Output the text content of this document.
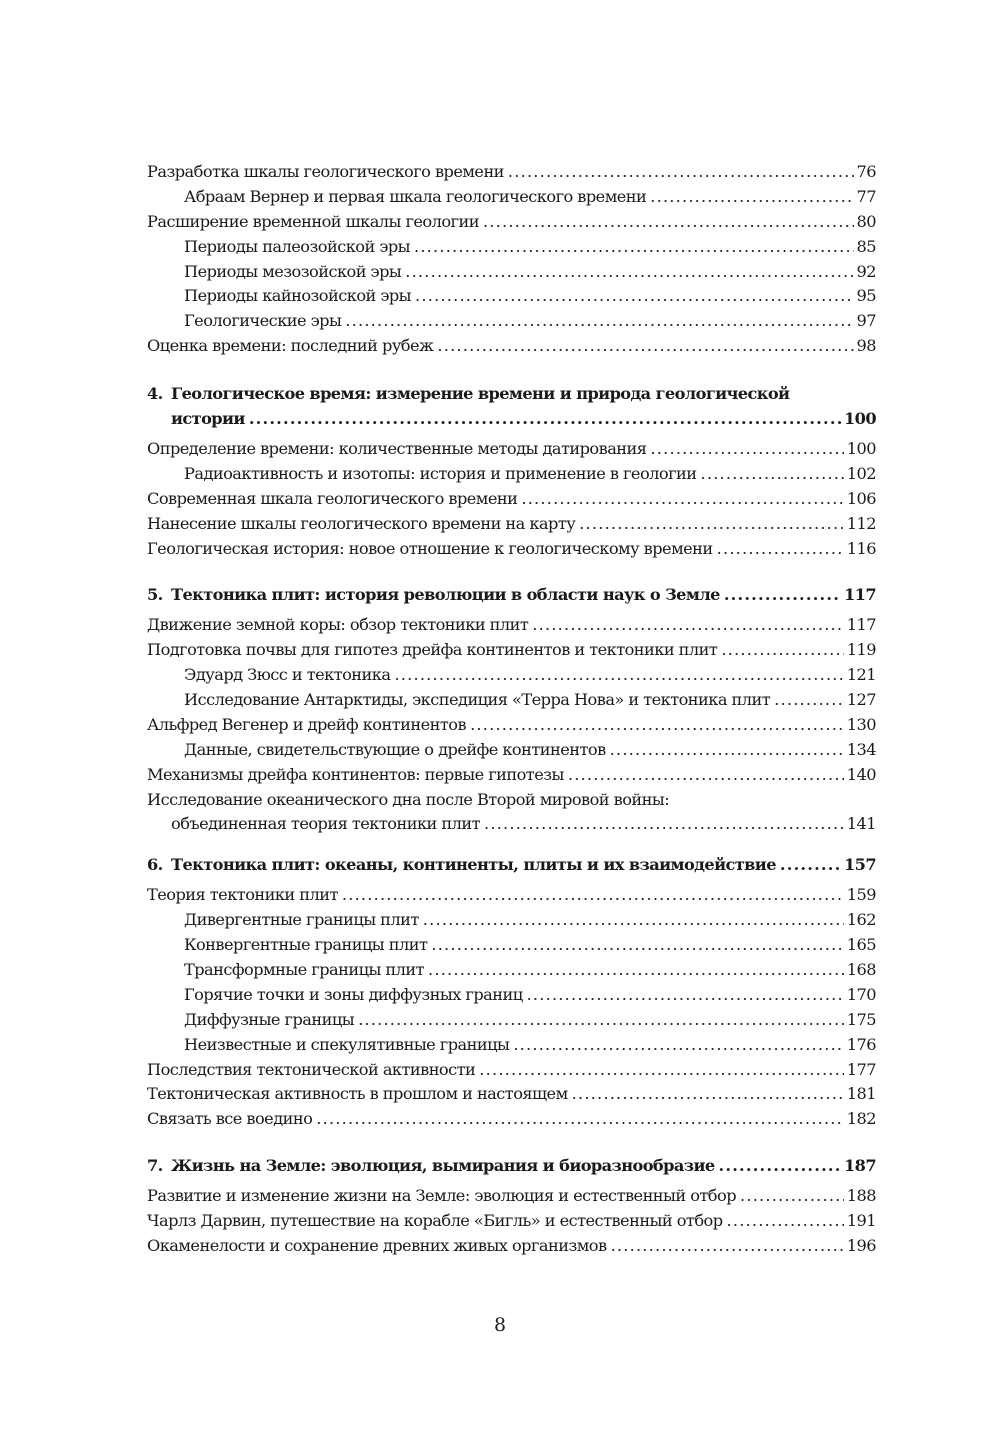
Разработка шкалы геологического времени .....	76
Абраам Вернер и первая шкала геологического времени .....	77
Расширение временной шкалы геологии .....	80
Периоды палеозойской эры .....	85
Периоды мезозойской эры .....	92
Периоды кайнозойской эры .....	95
Геологические эры .....	97
Оценка времени: последний рубеж .....	98
4. Геологическое время: измерение времени и природа геологической
истории .....	100
Определение времени: количественные методы датирования .....	100
Радиоактивность и изотопы: история и применение в геологии .....	102
Современная шкала геологического времени .....	106
Нанесение шкалы геологического времени на карту .....	112
Геологическая история: новое отношение к геологическому времени .....	116
5. Тектоника плит: история революции в области наук о Земле .....	117
Движение земной коры: обзор тектоники плит .....	117
Подготовка почвы для гипотез дрейфа континентов и тектоники плит .....	119
Эдуард Зюсс и тектоника .....	121
Исследование Антарктиды, экспедиция «Терра Нова» и тектоника плит .....	127
Альфред Вегенер и дрейф континентов .....	130
Данные, свидетельствующие о дрейфе континентов .....	134
Механизмы дрейфа континентов: первые гипотезы .....	140
Исследование океанического дна после Второй мировой войны:
объединенная теория тектоники плит .....	141
6. Тектоника плит: океаны, континенты, плиты и их взаимодействие .....	157
Теория тектоники плит .....	159
Дивергентные границы плит .....	162
Конвергентные границы плит .....	165
Трансформные границы плит .....	168
Горячие точки и зоны диффузных границ .....	170
Диффузные границы .....	175
Неизвестные и спекулятивные границы .....	176
Последствия тектонической активности .....	177
Тектоническая активность в прошлом и настоящем .....	181
Связать все воедино .....	182
7. Жизнь на Земле: эволюция, вымирания и биоразнообразие .....	187
Развитие и изменение жизни на Земле: эволюция и естественный отбор .....	188
Чарлз Дарвин, путешествие на корабле «Бигль» и естественный отбор .....	191
Окаменелости и сохранение древних живых организмов .....	196
8
